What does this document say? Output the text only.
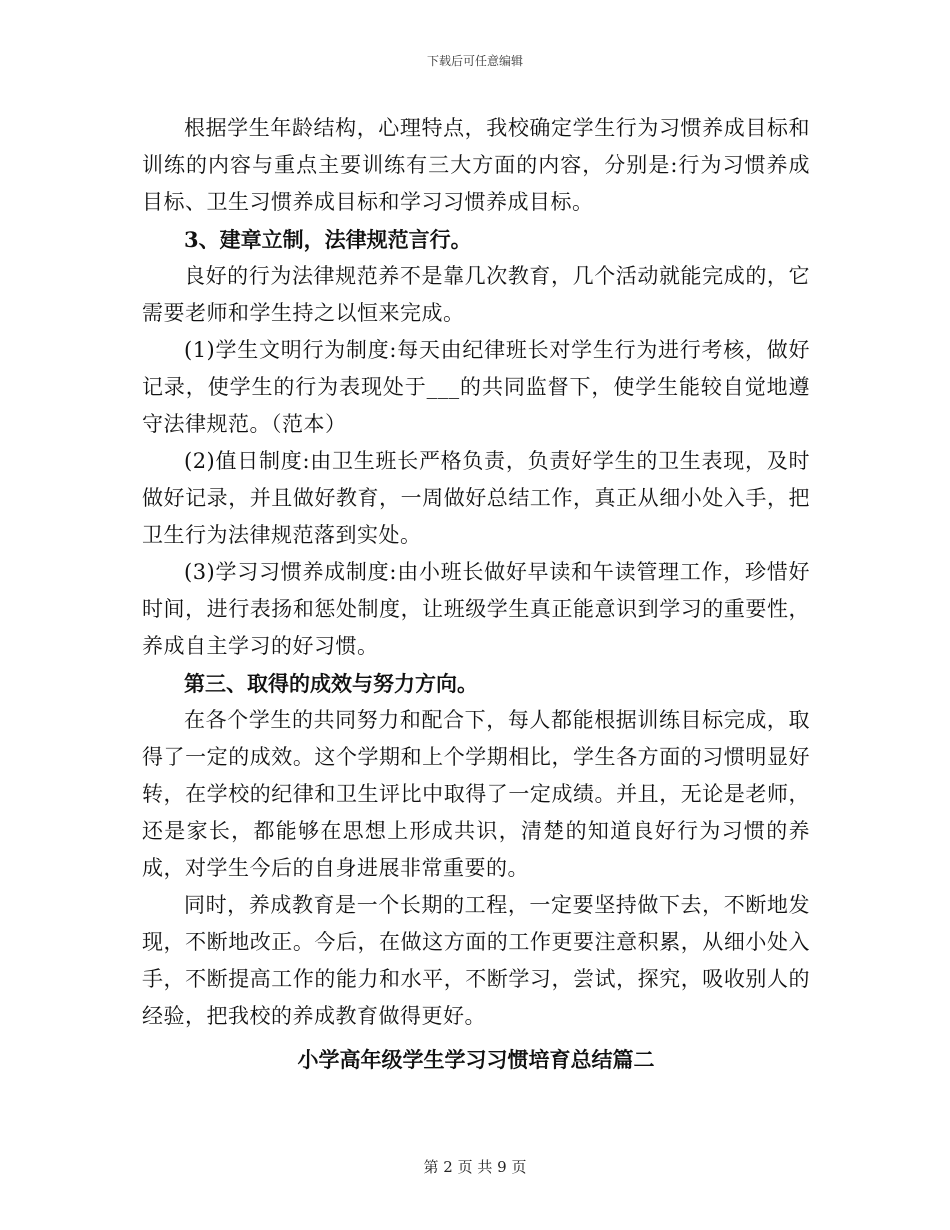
下载后可任意编辑

根据学生年龄结构，心理特点，我校确定学生行为习惯养成目标和训练的内容与重点主要训练有三大方面的内容，分别是:行为习惯养成目标、卫生习惯养成目标和学习习惯养成目标。

3、建章立制，法律规范言行。

良好的行为法律规范养不是靠几次教育，几个活动就能完成的，它需要老师和学生持之以恒来完成。

(1)学生文明行为制度:每天由纪律班长对学生行为进行考核，做好记录，使学生的行为表现处于___的共同监督下，使学生能较自觉地遵守法律规范。（范本）

(2)值日制度:由卫生班长严格负责，负责好学生的卫生表现，及时做好记录，并且做好教育，一周做好总结工作，真正从细小处入手，把卫生行为法律规范落到实处。

(3)学习习惯养成制度:由小班长做好早读和午读管理工作，珍惜好时间，进行表扬和惩处制度，让班级学生真正能意识到学习的重要性，养成自主学习的好习惯。

第三、取得的成效与努力方向。

在各个学生的共同努力和配合下，每人都能根据训练目标完成，取得了一定的成效。这个学期和上个学期相比，学生各方面的习惯明显好转，在学校的纪律和卫生评比中取得了一定成绩。并且，无论是老师，还是家长，都能够在思想上形成共识，清楚的知道良好行为习惯的养成，对学生今后的自身进展非常重要的。

同时，养成教育是一个长期的工程，一定要坚持做下去，不断地发现，不断地改正。今后，在做这方面的工作更要注意积累，从细小处入手，不断提高工作的能力和水平，不断学习，尝试，探究，吸收别人的经验，把我校的养成教育做得更好。

小学高年级学生学习习惯培育总结篇二

第 2 页 共 9 页
